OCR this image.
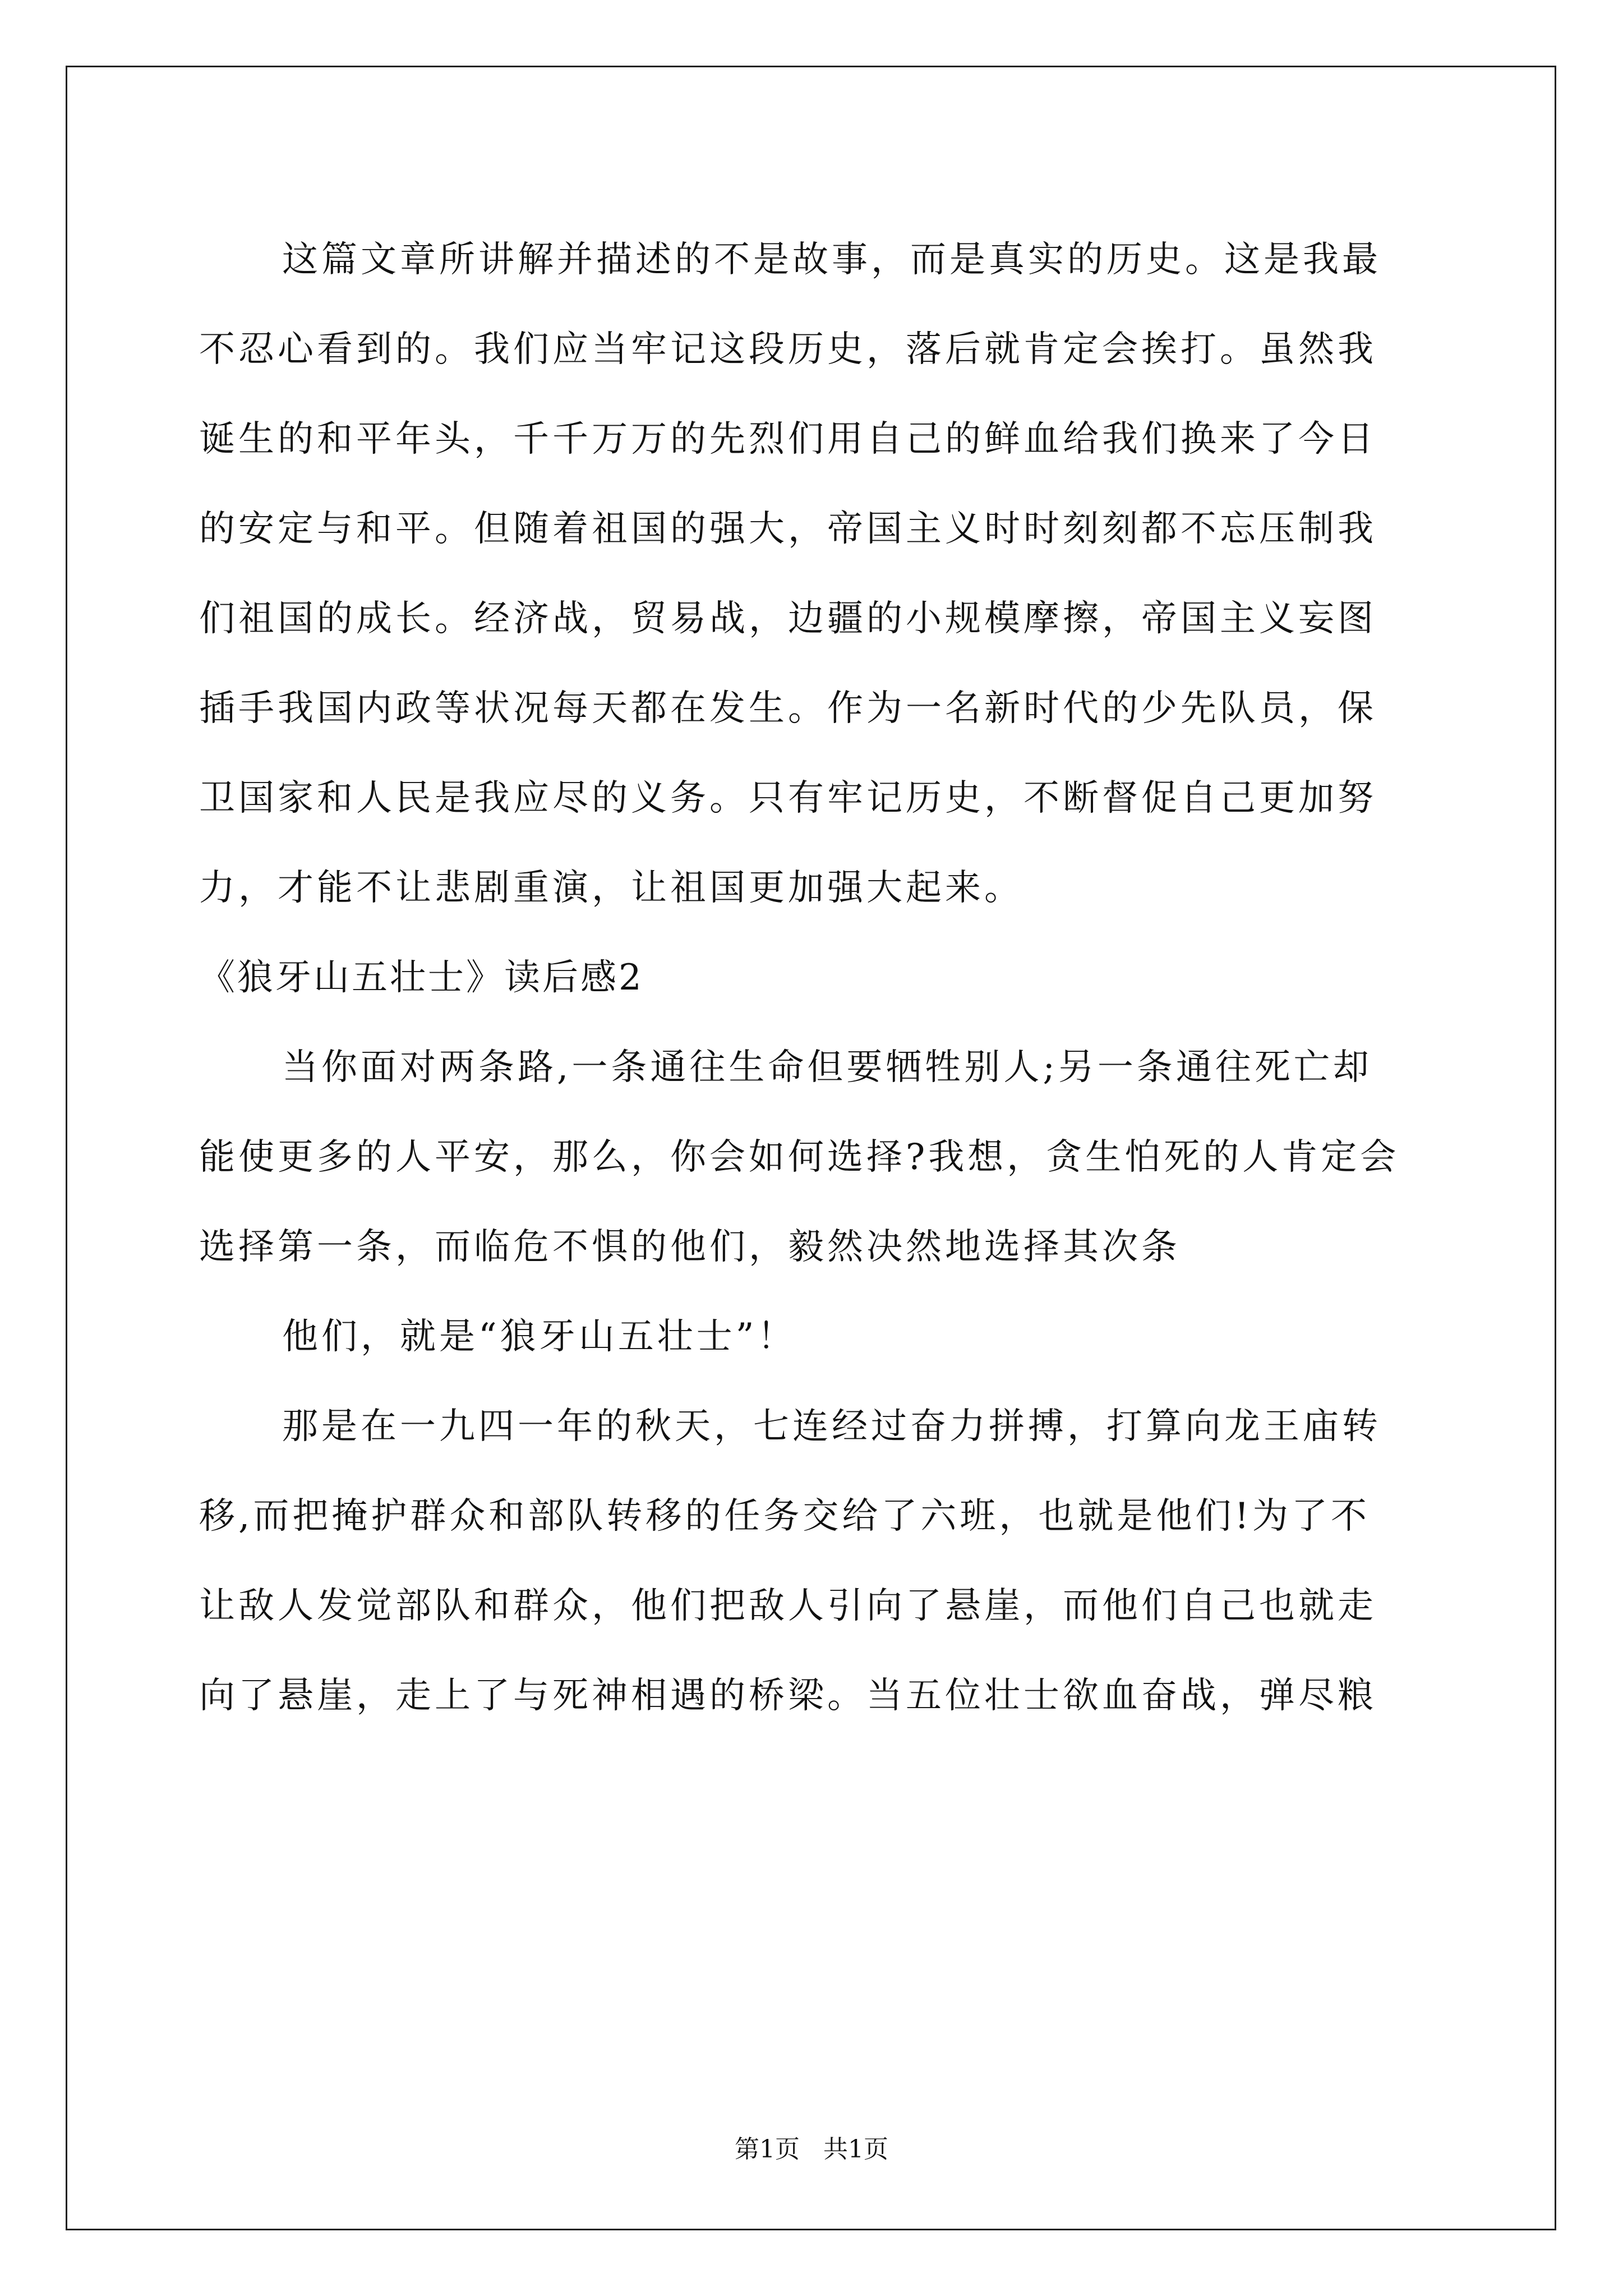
这篇文章所讲解并描述的不是故事，而是真实的历史。这是我最
不忍心看到的。我们应当牢记这段历史，落后就肯定会挨打。虽然我
诞生的和平年头，千千万万的先烈们用自己的鲜血给我们换来了今日
的安定与和平。但随着祖国的强大，帝国主义时时刻刻都不忘压制我
们祖国的成长。经济战，贸易战，边疆的小规模摩擦，帝国主义妄图
插手我国内政等状况每天都在发生。作为一名新时代的少先队员，保
卫国家和人民是我应尽的义务。只有牢记历史，不断督促自己更加努
力，才能不让悲剧重演，让祖国更加强大起来。
《狼牙山五壮士》读后感2
当你面对两条路,一条通往生命但要牺牲别人;另一条通往死亡却
能使更多的人平安，那么，你会如何选择?我想，贪生怕死的人肯定会
选择第一条，而临危不惧的他们，毅然决然地选择其次条
他们，就是“狼牙山五壮士”！
那是在一九四一年的秋天，七连经过奋力拼搏，打算向龙王庙转
移,而把掩护群众和部队转移的任务交给了六班，也就是他们!为了不
让敌人发觉部队和群众，他们把敌人引向了悬崖，而他们自己也就走
向了悬崖，走上了与死神相遇的桥梁。当五位壮士欲血奋战，弹尽粮
第1页   共1页
